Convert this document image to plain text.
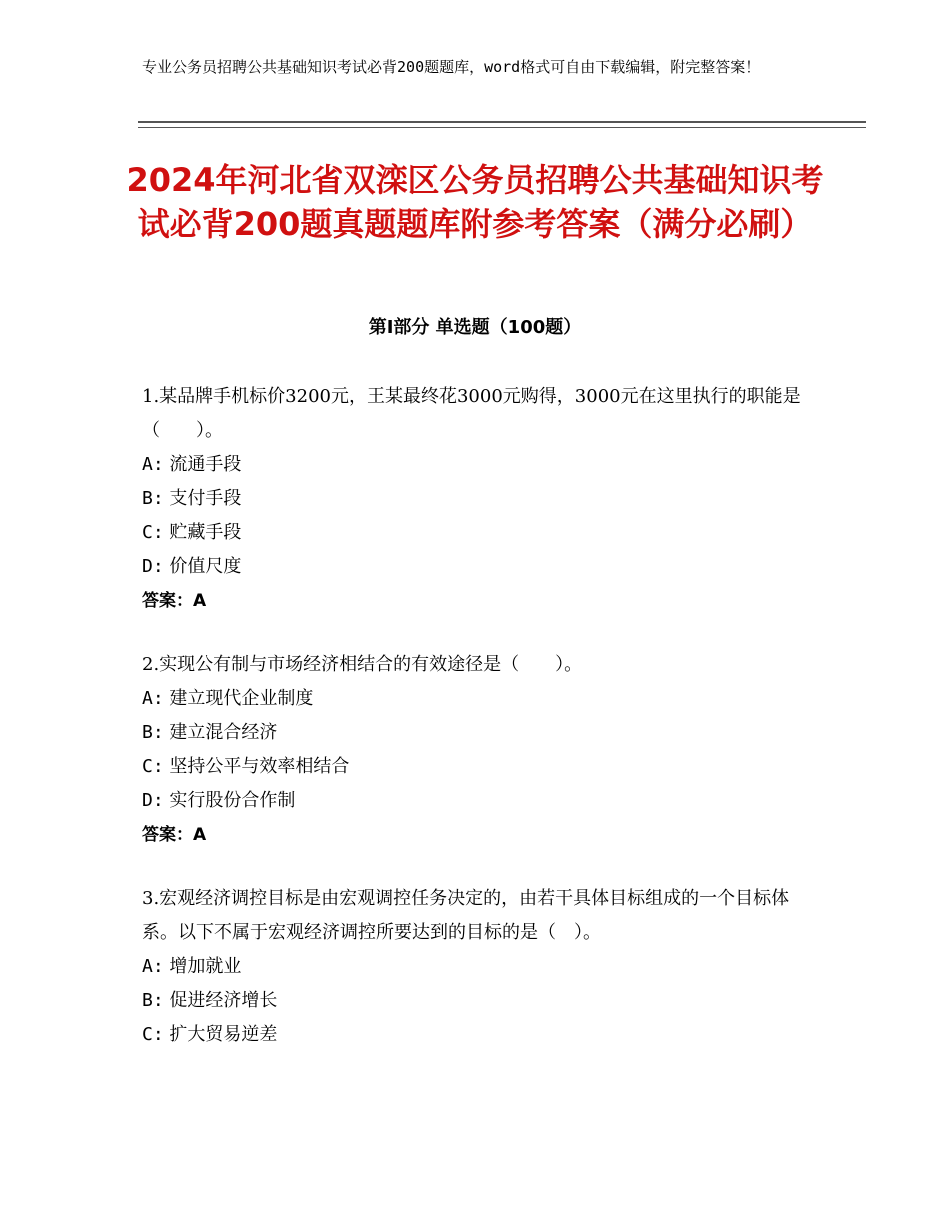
专业公务员招聘公共基础知识考试必背200题题库，word格式可自由下载编辑，附完整答案！
2024年河北省双滦区公务员招聘公共基础知识考试必背200题真题题库附参考答案（满分必刷）
第Ⅰ部分 单选题（100题）

1.某品牌手机标价3200元，王某最终花3000元购得，3000元在这里执行的职能是（　　）。

A: 流通手段

B: 支付手段

C: 贮藏手段

D: 价值尺度

答案：A

2.实现公有制与市场经济相结合的有效途径是（　　）。

A: 建立现代企业制度

B: 建立混合经济

C: 坚持公平与效率相结合

D: 实行股份合作制

答案：A

3.宏观经济调控目标是由宏观调控任务决定的，由若干具体目标组成的一个目标体系。以下不属于宏观经济调控所要达到的目标的是（　）。

A: 增加就业

B: 促进经济增长

C: 扩大贸易逆差
